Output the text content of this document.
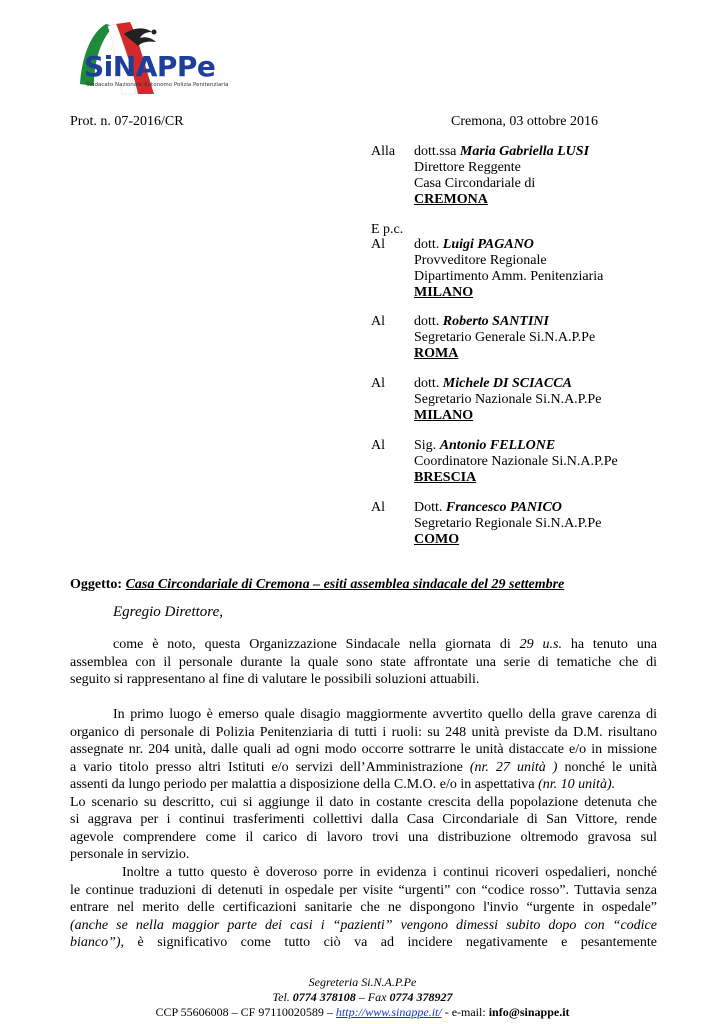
SiNAPPe
Sindacato Nazionale Autonomo Polizia Penitenziaria
Prot. n. 07-2016/CR	Cremona, 03 ottobre 2016
Alla dott.ssa Maria Gabriella LUSI
Direttore Reggente
Casa Circondariale di
CREMONA
E p.c.
Al dott. Luigi PAGANO
Provveditore Regionale
Dipartimento Amm. Penitenziaria
MILANO
Al dott. Roberto SANTINI
Segretario Generale Si.N.A.P.Pe
ROMA
Al dott. Michele DI SCIACCA
Segretario Nazionale Si.N.A.P.Pe
MILANO
Al Sig. Antonio FELLONE
Coordinatore Nazionale Si.N.A.P.Pe
BRESCIA
Al Dott. Francesco PANICO
Segretario Regionale Si.N.A.P.Pe
COMO
Oggetto: Casa Circondariale di Cremona – esiti assemblea sindacale del 29 settembre
Egregio Direttore,
come è noto, questa Organizzazione Sindacale nella giornata di 29 u.s. ha tenuto una
assemblea con il personale durante la quale sono state affrontate una serie di tematiche che di
seguito si rappresentano al fine di valutare le possibili soluzioni attuabili.
In primo luogo è emerso quale disagio maggiormente avvertito quello della grave carenza di
organico di personale di Polizia Penitenziaria di tutti i ruoli: su 248 unità previste da D.M. risultano
assegnate nr. 204 unità, dalle quali ad ogni modo occorre sottrarre le unità distaccate e/o in missione
a vario titolo presso altri Istituti e/o servizi dell’Amministrazione (nr. 27 unità ) nonché le unità
assenti da lungo periodo per malattia a disposizione della C.M.O. e/o in aspettativa (nr. 10 unità).
Lo scenario su descritto, cui si aggiunge il dato in costante crescita della popolazione detenuta che
si aggrava per i continui trasferimenti collettivi dalla Casa Circondariale di San Vittore, rende
agevole comprendere come il carico di lavoro trovi una distribuzione oltremodo gravosa sul
personale in servizio.
Inoltre a tutto questo è doveroso porre in evidenza i continui ricoveri ospedalieri, nonché
le continue traduzioni di detenuti in ospedale per visite “urgenti” con “codice rosso”. Tuttavia senza
entrare nel merito delle certificazioni sanitarie che ne dispongono l'invio “urgente in ospedale”
(anche se nella maggior parte dei casi i “pazienti” vengono dimessi subito dopo con “codice
bianco”), è significativo come tutto ciò va ad incidere negativamente e pesantemente
Segreteria Si.N.A.P.Pe
Tel. 0774 378108 – Fax 0774 378927
CCP 55606008 – CF 97110020589 – http://www.sinappe.it/ - e-mail: info@sinappe.it
